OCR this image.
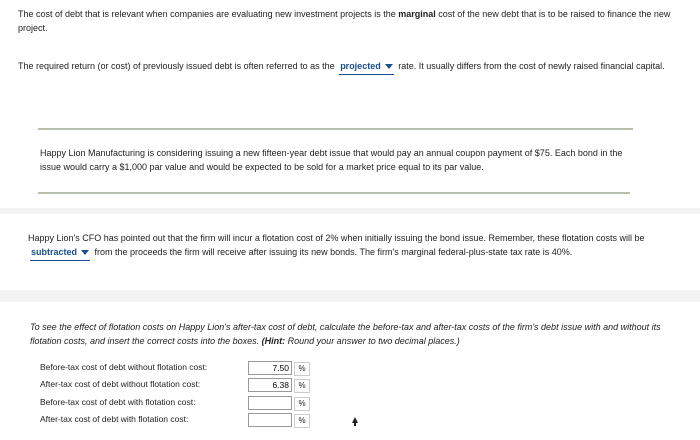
The cost of debt that is relevant when companies are evaluating new investment projects is the marginal cost of the new debt that is to be raised to finance the new project.

The required return (or cost) of previously issued debt is often referred to as the projected rate. It usually differs from the cost of newly raised financial capital.

Happy Lion Manufacturing is considering issuing a new fifteen-year debt issue that would pay an annual coupon payment of $75. Each bond in the issue would carry a $1,000 par value and would be expected to be sold for a market price equal to its par value.

Happy Lion's CFO has pointed out that the firm will incur a flotation cost of 2% when initially issuing the bond issue. Remember, these flotation costs will be subtracted from the proceeds the firm will receive after issuing its new bonds. The firm's marginal federal-plus-state tax rate is 40%.

To see the effect of flotation costs on Happy Lion's after-tax cost of debt, calculate the before-tax and after-tax costs of the firm's debt issue with and without its flotation costs, and insert the correct costs into the boxes. (Hint: Round your answer to two decimal places.)

Before-tax cost of debt without flotation cost:
7.50	%
After-tax cost of debt without flotation cost:
6.38	%
Before-tax cost of debt with flotation cost:	%
After-tax cost of debt with flotation cost:	%
